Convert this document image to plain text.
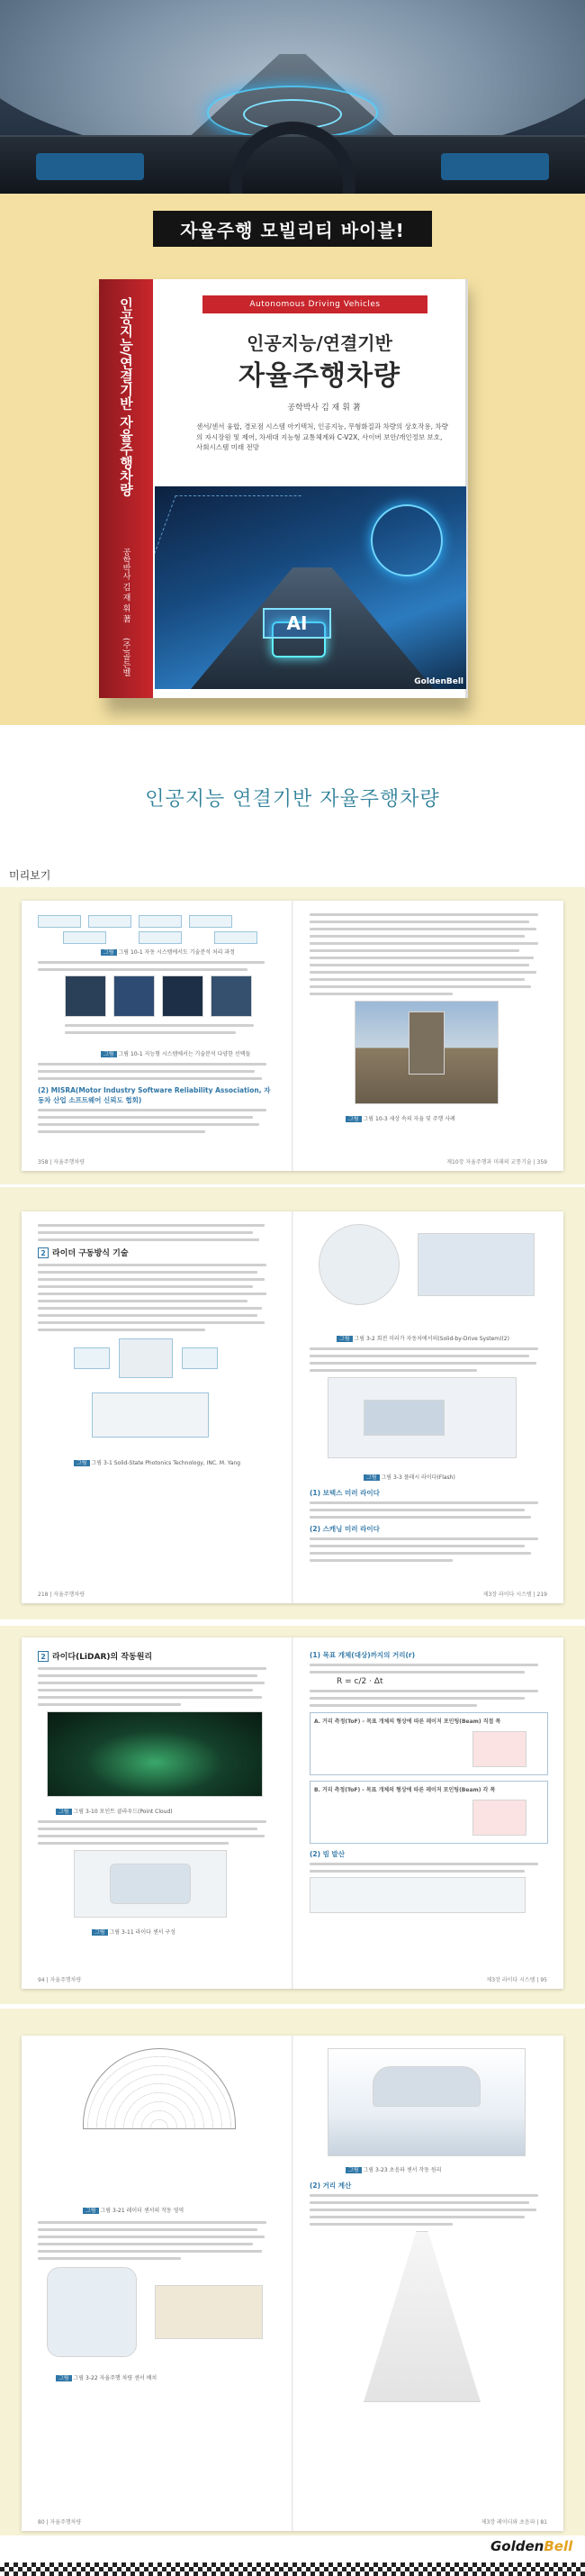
자율주행 모빌리티 바이블!
인공지능/연결기반 자율주행차량
공학박사 김 재 휘 著
(주)골든벨
Autonomous Driving Vehicles
인공지능/연결기반
자율주행차량
공학박사 김 재 휘 著
센서/센서 융합, 경로점 시스템 아키텍처, 인공지능, 무형화질과 차량의 상호작용, 차량의 자시장원 및 제어, 차세대 지능형 교통체계와 C-V2X, 사이버 보안/개인정보 보호, 사회시스템 미래 전망
AI
GoldenBell
인공지능 연결기반 자율주행차량
미리보기
그림 그림 10-1 자동 시스템에서도 기술분석 처리 과정
그림 그림 10-1 지능형 시스템에서는 기술분석 다양한 선택들
(2) MISRA(Motor Industry Software Reliability Association, 자동차 산업 소프트웨어 신뢰도 협회)
358 | 자율주행차량
그림 그림 10-3 세상 속의 자율 및 주행 사례
제10장 자율주행과 미래의 교통기술 | 359
2 라이더 구동방식 기술
그림 그림 3-1 Solid-State Photonics Technology, INC. M. Yang
218 | 자율주행차량
그림 그림 3-2 회전 미러가 자동차에서의(Solid-by-Drive System)(2)
그림 그림 3-3 플래시 라이다(Flash)
(1) 보텍스 미러 라이다
(2) 스캐닝 미러 라이다
제3장 라이다 시스템 | 219
2 라이다(LiDAR)의 작동원리
그림 그림 3-10 포인트 클라우드(Point Cloud)
그림 그림 3-11 라이다 센서 구성
94 | 자율주행차량
(1) 목표 개체(대상)까지의 거리(r)
R = c/2 · Δt
A. 거리 측정(ToF) - 목표 개체의 형상에 따른 레이저 포인팅(Beam) 직접 폭
B. 거리 측정(ToF) - 목표 개체의 형상에 따른 레이저 포인팅(Beam) 각 폭
(2) 빔 발산
제3장 라이다 시스템 | 95
그림 그림 3-21 레이더 센서의 작동 영역
그림 그림 3-22 자율주행 차량 센서 배치
80 | 자율주행차량
그림 그림 3-23 초음파 센서 작동 원리
(2) 거리 계산
제3장 레이더와 초음파 | 81
GoldenBell
